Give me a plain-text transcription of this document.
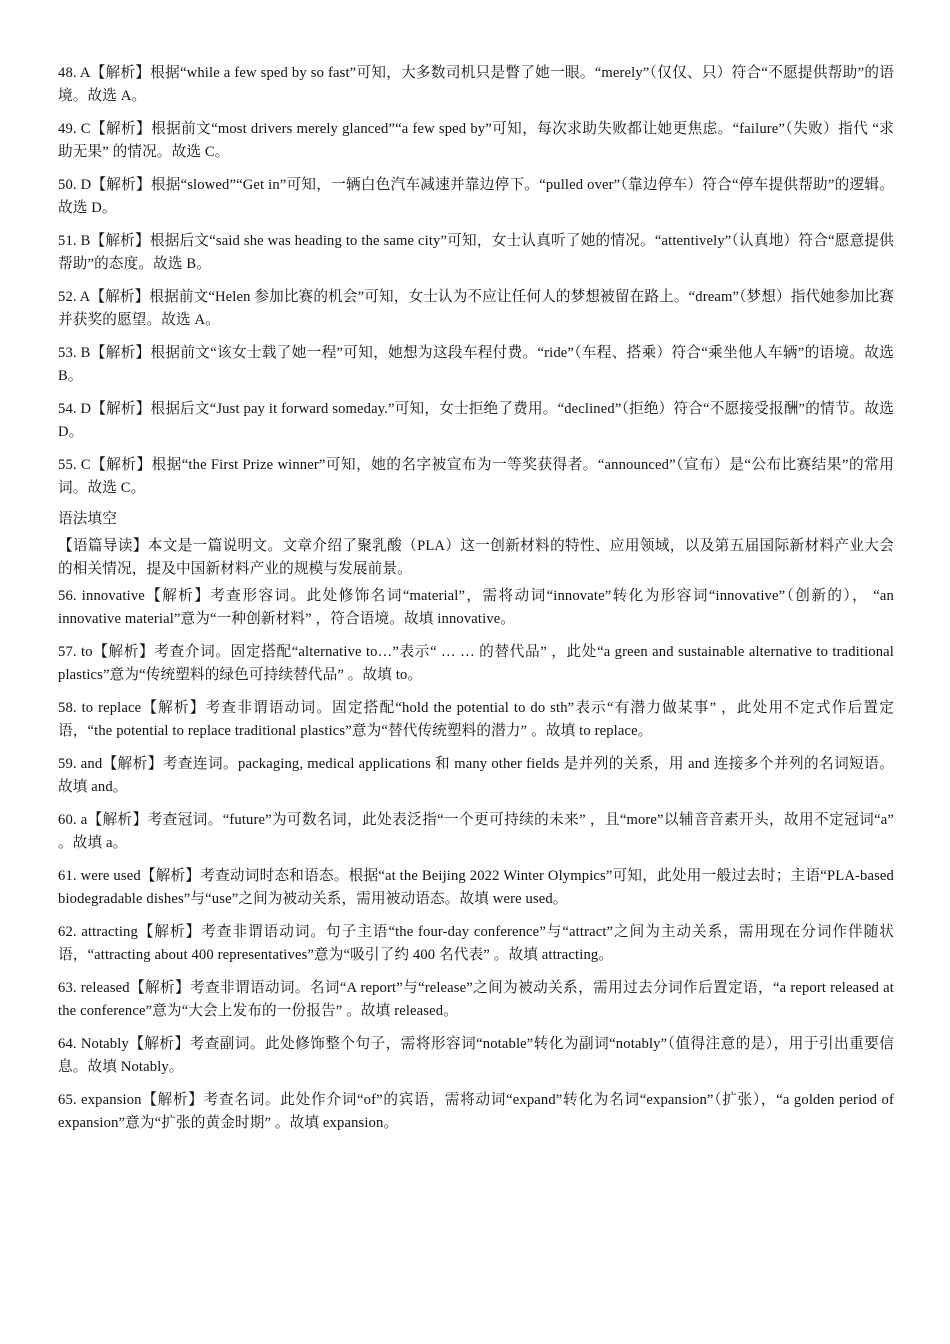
48. A【解析】根据“while a few sped by so fast”可知，大多数司机只是瞥了她一眼。“merely”（仅仅、只）符合“不愿提供帮助”的语境。故选 A。

49. C【解析】根据前文“most drivers merely glanced”“a few sped by”可知，每次求助失败都让她更焦虑。“failure”（失败）指代 “求助无果” 的情况。故选 C。

50. D【解析】根据“slowed”“Get in”可知，一辆白色汽车减速并靠边停下。“pulled over”（靠边停车）符合“停车提供帮助”的逻辑。故选 D。

51. B【解析】根据后文“said she was heading to the same city”可知，女士认真听了她的情况。“attentively”（认真地）符合“愿意提供帮助”的态度。故选 B。

52. A【解析】根据前文“Helen 参加比赛的机会”可知，女士认为不应让任何人的梦想被留在路上。“dream”（梦想）指代她参加比赛并获奖的愿望。故选 A。

53. B【解析】根据前文“该女士载了她一程”可知，她想为这段车程付费。“ride”（车程、搭乘）符合“乘坐他人车辆”的语境。故选 B。

54. D【解析】根据后文“Just pay it forward someday.”可知，女士拒绝了费用。“declined”（拒绝）符合“不愿接受报酬”的情节。故选 D。

55. C【解析】根据“the First Prize winner”可知，她的名字被宣布为一等奖获得者。“announced”（宣布）是“公布比赛结果”的常用词。故选 C。

语法填空

【语篇导读】本文是一篇说明文。文章介绍了聚乳酸（PLA）这一创新材料的特性、应用领域，以及第五届国际新材料产业大会的相关情况，提及中国新材料产业的规模与发展前景。

56. innovative【解析】考查形容词。此处修饰名词“material”，需将动词“innovate”转化为形容词“innovative”（创新的）， “an innovative material”意为“一种创新材料” ，符合语境。故填 innovative。

57. to【解析】考查介词。固定搭配“alternative to…”表示“ … … 的替代品” ，此处“a green and sustainable alternative to traditional plastics”意为“传统塑料的绿色可持续替代品” 。故填 to。

58. to replace【解析】考查非谓语动词。固定搭配“hold the potential to do sth”表示“有潜力做某事” ，此处用不定式作后置定语，“the potential to replace traditional plastics”意为“替代传统塑料的潜力” 。故填 to replace。

59. and【解析】考查连词。packaging, medical applications 和 many other fields 是并列的关系，用 and 连接多个并列的名词短语。故填 and。

60. a【解析】考查冠词。“future”为可数名词，此处表泛指“一个更可持续的未来” ，且“more”以辅音音素开头，故用不定冠词“a” 。故填 a。

61. were used【解析】考查动词时态和语态。根据“at the Beijing 2022 Winter Olympics”可知，此处用一般过去时；主语“PLA-based biodegradable dishes”与“use”之间为被动关系，需用被动语态。故填 were used。

62. attracting【解析】考查非谓语动词。句子主语“the four-day conference”与“attract”之间为主动关系，需用现在分词作伴随状语，“attracting about 400 representatives”意为“吸引了约 400 名代表” 。故填 attracting。

63. released【解析】考查非谓语动词。名词“A report”与“release”之间为被动关系，需用过去分词作后置定语，“a report released at the conference”意为“大会上发布的一份报告” 。故填 released。

64. Notably【解析】考查副词。此处修饰整个句子，需将形容词“notable”转化为副词“notably”（值得注意的是），用于引出重要信息。故填 Notably。

65. expansion【解析】考查名词。此处作介词“of”的宾语，需将动词“expand”转化为名词“expansion”（扩张），“a golden period of expansion”意为“扩张的黄金时期” 。故填 expansion。
